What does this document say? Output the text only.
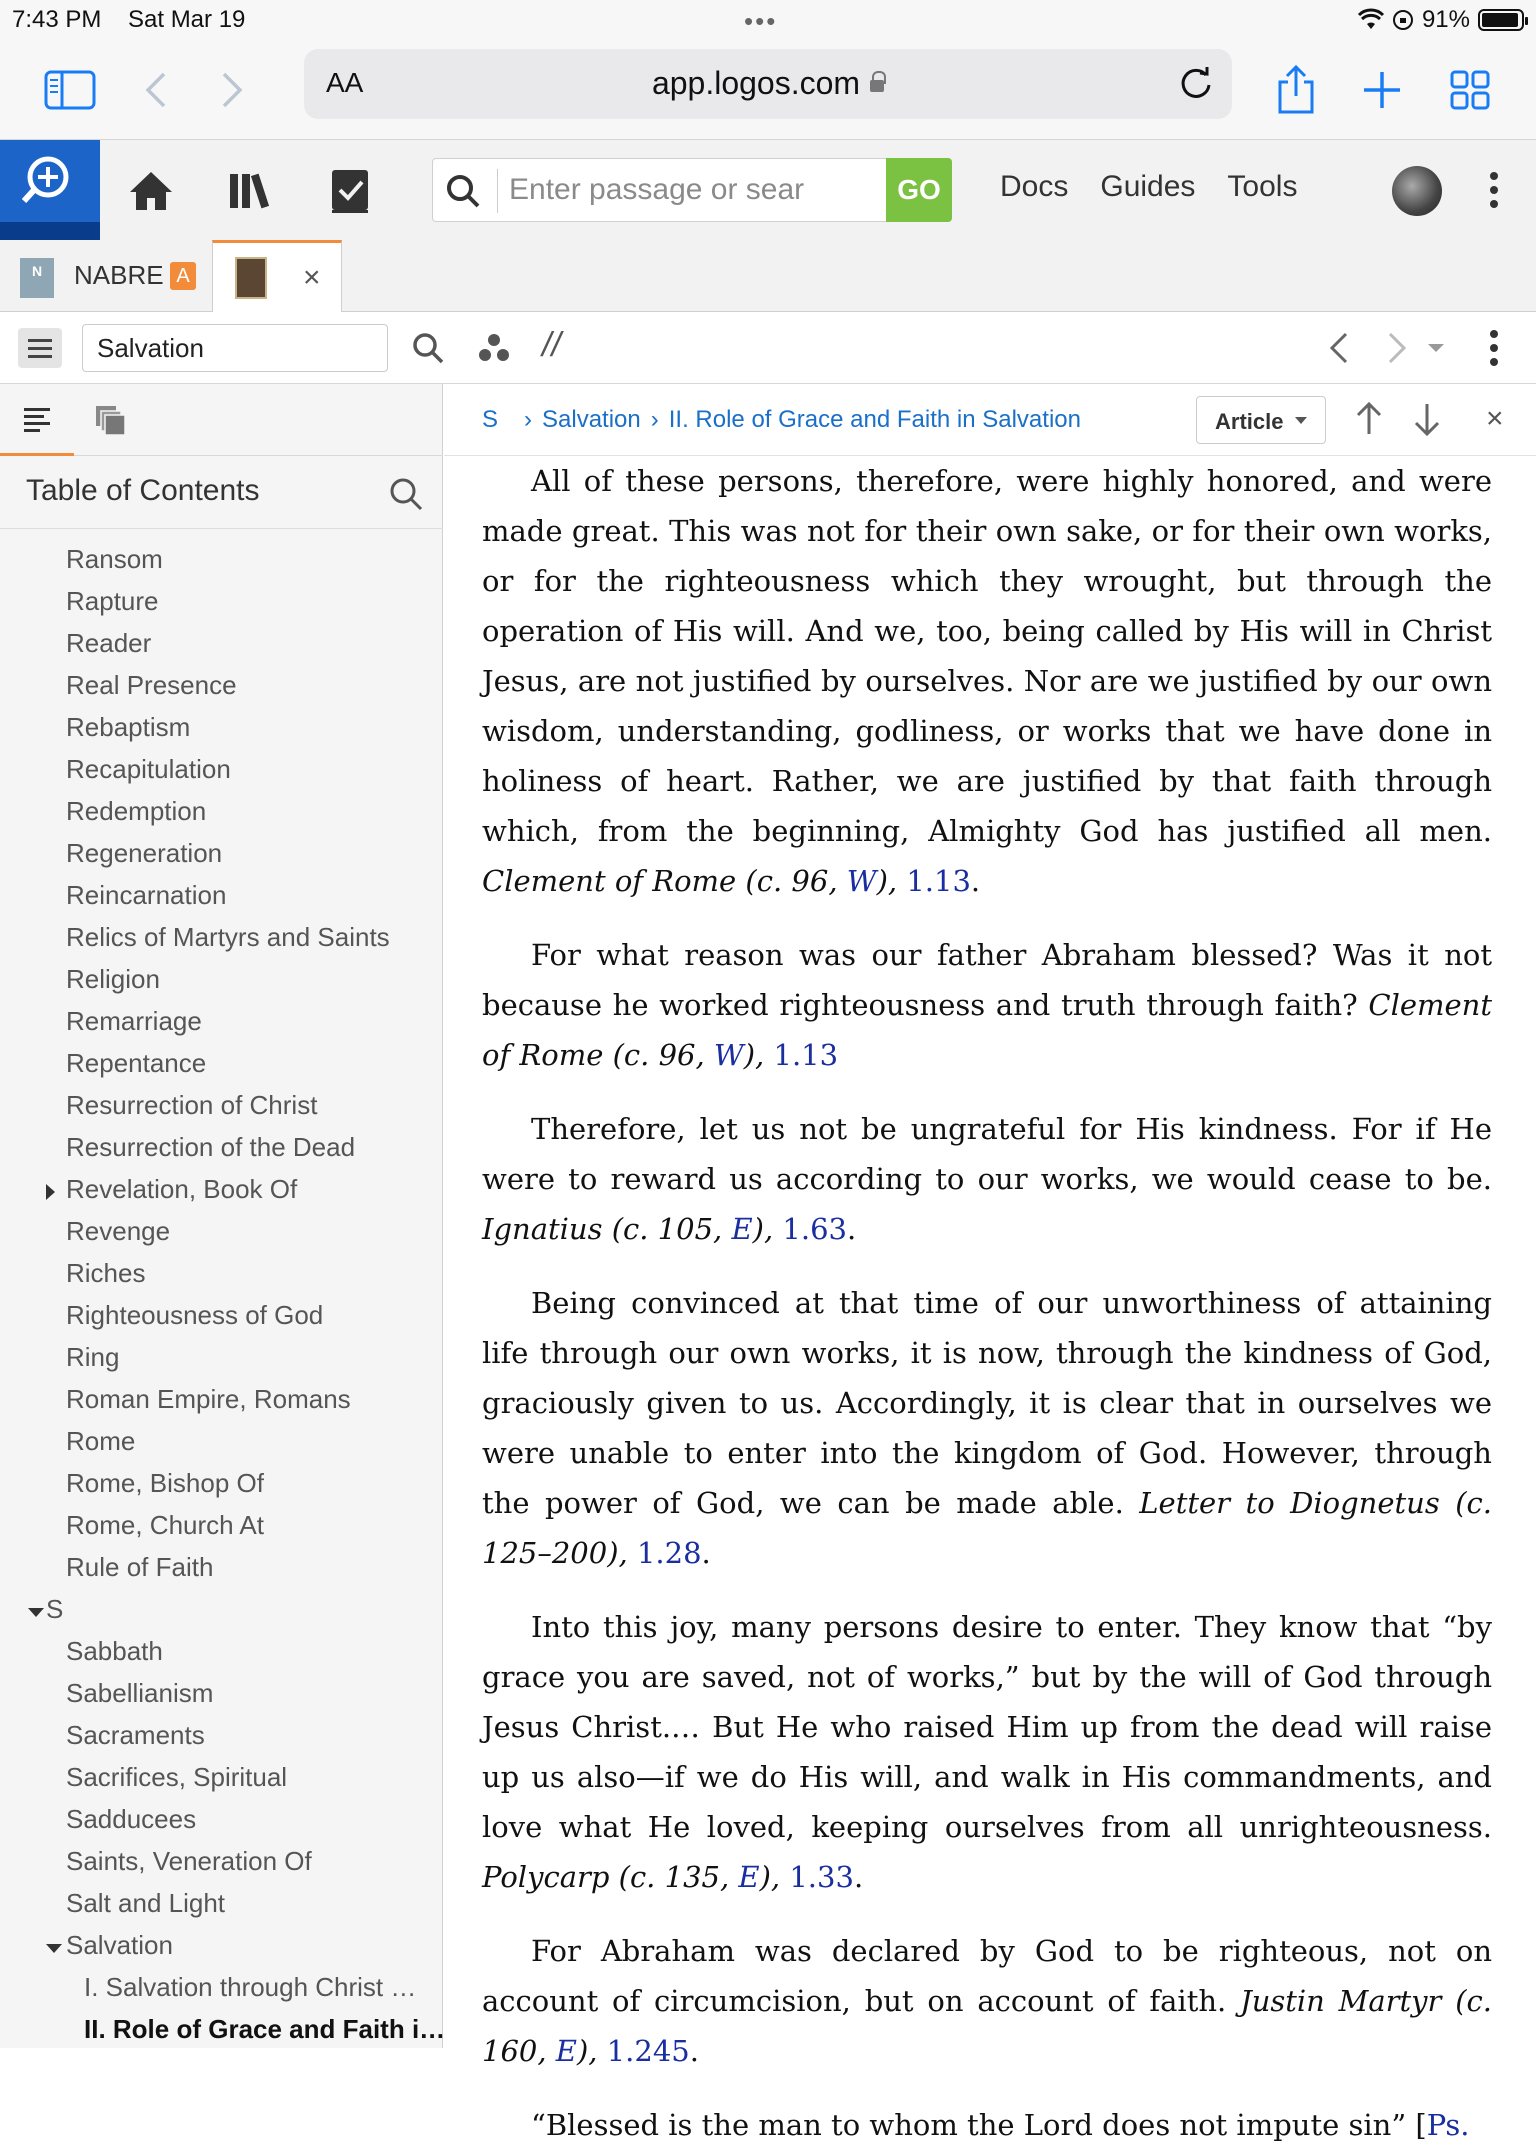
7:43 PM Sat Mar 19	•••	91%
AA	app.logos.com
Enter passage or search
GO	Docs Guides Tools
N	NABRE A	×
Salvation
//
Table of Contents
Ransom
Rapture
Reader
Real Presence
Rebaptism
Recapitulation
Redemption
Regeneration
Reincarnation
Relics of Martyrs and Saints
Religion
Remarriage
Repentance
Resurrection of Christ
Resurrection of the Dead
Revelation, Book Of
Revenge
Riches
Righteousness of God
Ring
Roman Empire, Romans
Rome
Rome, Bishop Of
Rome, Church At
Rule of Faith
S
Sabbath
Sabellianism
Sacraments
Sacrifices, Spiritual
Sadducees
Saints, Veneration Of
Salt and Light
Salvation
I. Salvation through Christ …
II. Role of Grace and Faith i…
S › Salvation › II. Role of Grace and Faith in Salvation	Article	×

All of these persons, therefore, were highly honored, and were made great. This was not for their own sake, or for their own works, or for the righteousness which they wrought, but through the operation of His will. And we, too, being called by His will in Christ Jesus, are not justified by ourselves. Nor are we justified by our own wisdom, understanding, godliness, or works that we have done in holiness of heart. Rather, we are justified by that faith through which, from the beginning, Almighty God has justified all men. Clement of Rome (c. 96, W), 1.13.

For what reason was our father Abraham blessed? Was it not because he worked righteousness and truth through faith? Clement of Rome (c. 96, W), 1.13

Therefore, let us not be ungrateful for His kindness. For if He were to reward us according to our works, we would cease to be. Ignatius (c. 105, E), 1.63.

Being convinced at that time of our unworthiness of attaining life through our own works, it is now, through the kindness of God, graciously given to us. Accordingly, it is clear that in ourselves we were unable to enter into the kingdom of God. However, through the power of God, we can be made able. Letter to Diognetus (c. 125–200), 1.28.

Into this joy, many persons desire to enter. They know that “by grace you are saved, not of works,” but by the will of God through Jesus Christ.… But He who raised Him up from the dead will raise up us also—if we do His will, and walk in His commandments, and love what He loved, keeping ourselves from all unrighteousness. Polycarp (c. 135, E), 1.33.

For Abraham was declared by God to be righteous, not on account of circumcision, but on account of faith. Justin Martyr (c. 160, E), 1.245.

“Blessed is the man to whom the Lord does not impute sin” [Ps.
